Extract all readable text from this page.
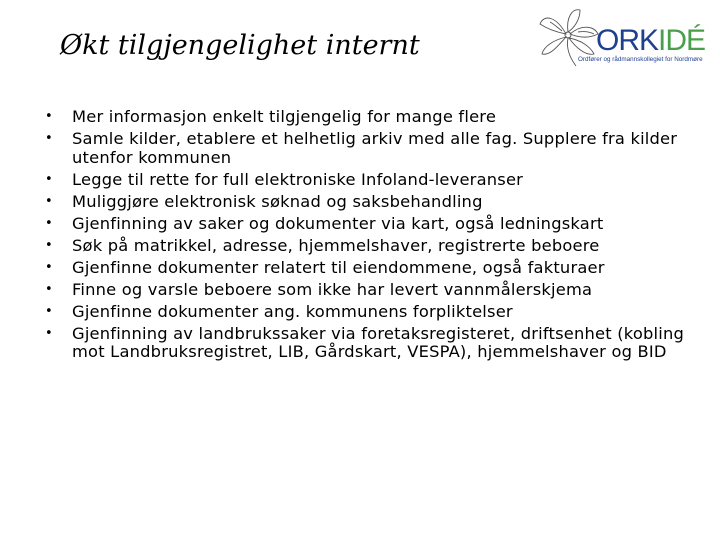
Økt tilgjengelighet internt	ORKIDÉ
Ordfører og rådmannskollegiet for Nordmøre
• Mer informasjon enkelt tilgjengelig for mange flere
• Samle kilder, etablere et helhetlig arkiv med alle fag. Supplere fra kilder utenfor kommunen
• Legge til rette for full elektroniske Infoland-leveranser
• Muliggjøre elektronisk søknad og saksbehandling
• Gjenfinning av saker og dokumenter via kart, også ledningskart
• Søk på matrikkel, adresse, hjemmelshaver, registrerte beboere
• Gjenfinne dokumenter relatert til eiendommene, også fakturaer
• Finne og varsle beboere som ikke har levert vannmålerskjema
• Gjenfinne dokumenter ang. kommunens forpliktelser
• Gjenfinning av landbrukssaker via foretaksregisteret, driftsenhet (kobling mot Landbruksregistret, LIB, Gårdskart, VESPA), hjemmelshaver og BID
